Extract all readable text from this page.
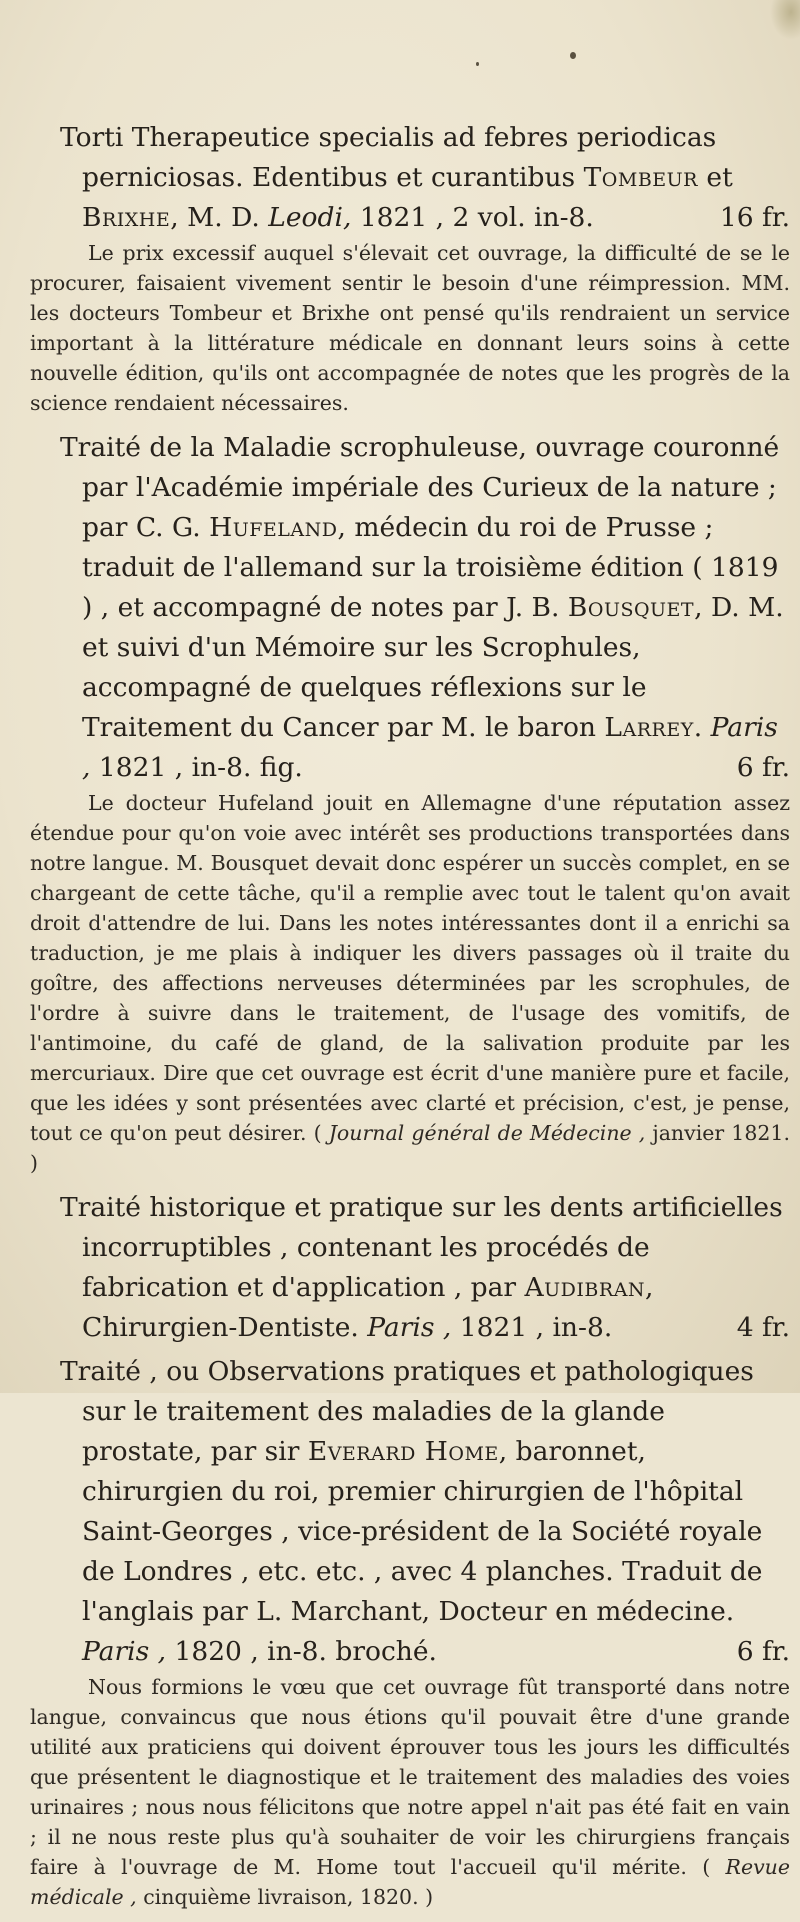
Torti Therapeutice specialis ad febres periodicas perniciosas. Edentibus et curantibus Tombeur et Brixhe, M. D. Leodi, 1821 , 2 vol. in-8.	16 fr.

Le prix excessif auquel s'élevait cet ouvrage, la difficulté de se le procurer, faisaient vivement sentir le besoin d'une réimpression. MM. les docteurs Tombeur et Brixhe ont pensé qu'ils rendraient un service important à la littérature médicale en donnant leurs soins à cette nouvelle édition, qu'ils ont accompagnée de notes que les progrès de la science rendaient nécessaires.

Traité de la Maladie scrophuleuse, ouvrage couronné par l'Académie impériale des Curieux de la nature ; par C. G. Hufeland, médecin du roi de Prusse ; traduit de l'allemand sur la troisième édition ( 1819 ) , et accompagné de notes par J. B. Bousquet, D. M. et suivi d'un Mémoire sur les Scrophules, accompagné de quelques réflexions sur le Traitement du Cancer par M. le baron Larrey. Paris , 1821 , in-8. fig.	6 fr.

Le docteur Hufeland jouit en Allemagne d'une réputation assez étendue pour qu'on voie avec intérêt ses productions transportées dans notre langue. M. Bousquet devait donc espérer un succès complet, en se chargeant de cette tâche, qu'il a remplie avec tout le talent qu'on avait droit d'attendre de lui. Dans les notes intéressantes dont il a enrichi sa traduction, je me plais à indiquer les divers passages où il traite du goître, des affections nerveuses déterminées par les scrophules, de l'ordre à suivre dans le traitement, de l'usage des vomitifs, de l'antimoine, du café de gland, de la salivation produite par les mercuriaux. Dire que cet ouvrage est écrit d'une manière pure et facile, que les idées y sont présentées avec clarté et précision, c'est, je pense, tout ce qu'on peut désirer. ( Journal général de Médecine , janvier 1821. )

Traité historique et pratique sur les dents artificielles incorruptibles , contenant les procédés de fabrication et d'application , par Audibran, Chirurgien-Dentiste. Paris , 1821 , in-8.	4 fr.

Traité , ou Observations pratiques et pathologiques sur le traitement des maladies de la glande prostate, par sir Everard Home, baronnet, chirurgien du roi, premier chirurgien de l'hôpital Saint-Georges , vice-président de la Société royale de Londres , etc. etc. , avec 4 planches. Traduit de l'anglais par L. Marchant, Docteur en médecine. Paris , 1820 , in-8. broché.	6 fr.

Nous formions le vœu que cet ouvrage fût transporté dans notre langue, convaincus que nous étions qu'il pouvait être d'une grande utilité aux praticiens qui doivent éprouver tous les jours les difficultés que présentent le diagnostique et le traitement des maladies des voies urinaires ; nous nous félicitons que notre appel n'ait pas été fait en vain ; il ne nous reste plus qu'à souhaiter de voir les chirurgiens français faire à l'ouvrage de M. Home tout l'accueil qu'il mérite. ( Revue médicale , cinquième livraison, 1820. )
